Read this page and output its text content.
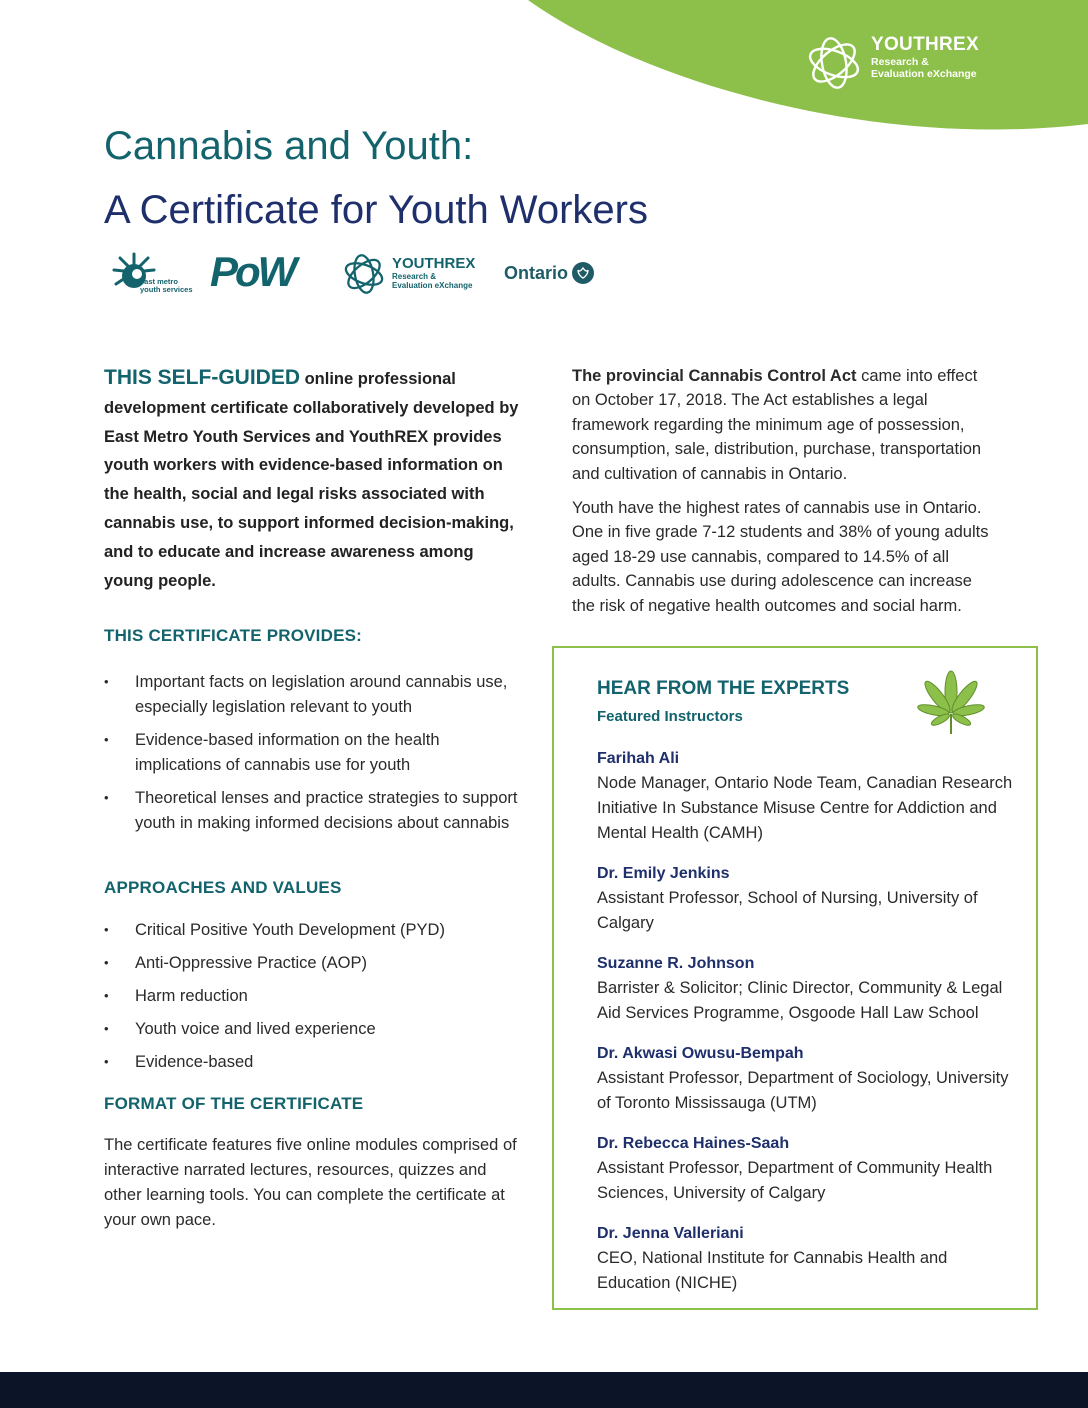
YOUTHREX
Research &
Evaluation eXchange
Cannabis and Youth:
A Certificate for Youth Workers
east metro
youth services PoW	YOUTHREX
Research &
Evaluation eXchange
Ontario

THIS SELF-GUIDED online professional development certificate collaboratively developed by East Metro Youth Services and YouthREX provides youth workers with evidence-based information on the health, social and legal risks associated with cannabis use, to support informed decision-making, and to educate and increase awareness among young people.

THIS CERTIFICATE PROVIDES:
• Important facts on legislation around cannabis use, especially legislation relevant to youth
• Evidence-based information on the health implications of cannabis use for youth
• Theoretical lenses and practice strategies to support youth in making informed decisions about cannabis
APPROACHES AND VALUES
• Critical Positive Youth Development (PYD)
• Anti-Oppressive Practice (AOP)
• Harm reduction
• Youth voice and lived experience
• Evidence-based
FORMAT OF THE CERTIFICATE

The certificate features five online modules comprised of interactive narrated lectures, resources, quizzes and other learning tools. You can complete the certificate at your own pace.

The provincial Cannabis Control Act came into effect on October 17, 2018. The Act establishes a legal framework regarding the minimum age of possession, consumption, sale, distribution, purchase, transportation and cultivation of cannabis in Ontario.

Youth have the highest rates of cannabis use in Ontario. One in five grade 7-12 students and 38% of young adults aged 18-29 use cannabis, compared to 14.5% of all adults. Cannabis use during adolescence can increase the risk of negative health outcomes and social harm.

HEAR FROM THE EXPERTS

Featured Instructors

Farihah Ali
Node Manager, Ontario Node Team, Canadian Research Initiative In Substance Misuse Centre for Addiction and Mental Health (CAMH)
Dr. Emily Jenkins
Assistant Professor, School of Nursing, University of Calgary
Suzanne R. Johnson
Barrister & Solicitor; Clinic Director, Community & Legal Aid Services Programme, Osgoode Hall Law School
Dr. Akwasi Owusu-Bempah
Assistant Professor, Department of Sociology, University of Toronto Mississauga (UTM)
Dr. Rebecca Haines-Saah
Assistant Professor, Department of Community Health Sciences, University of Calgary
Dr. Jenna Valleriani
CEO, National Institute for Cannabis Health and Education (NICHE)
